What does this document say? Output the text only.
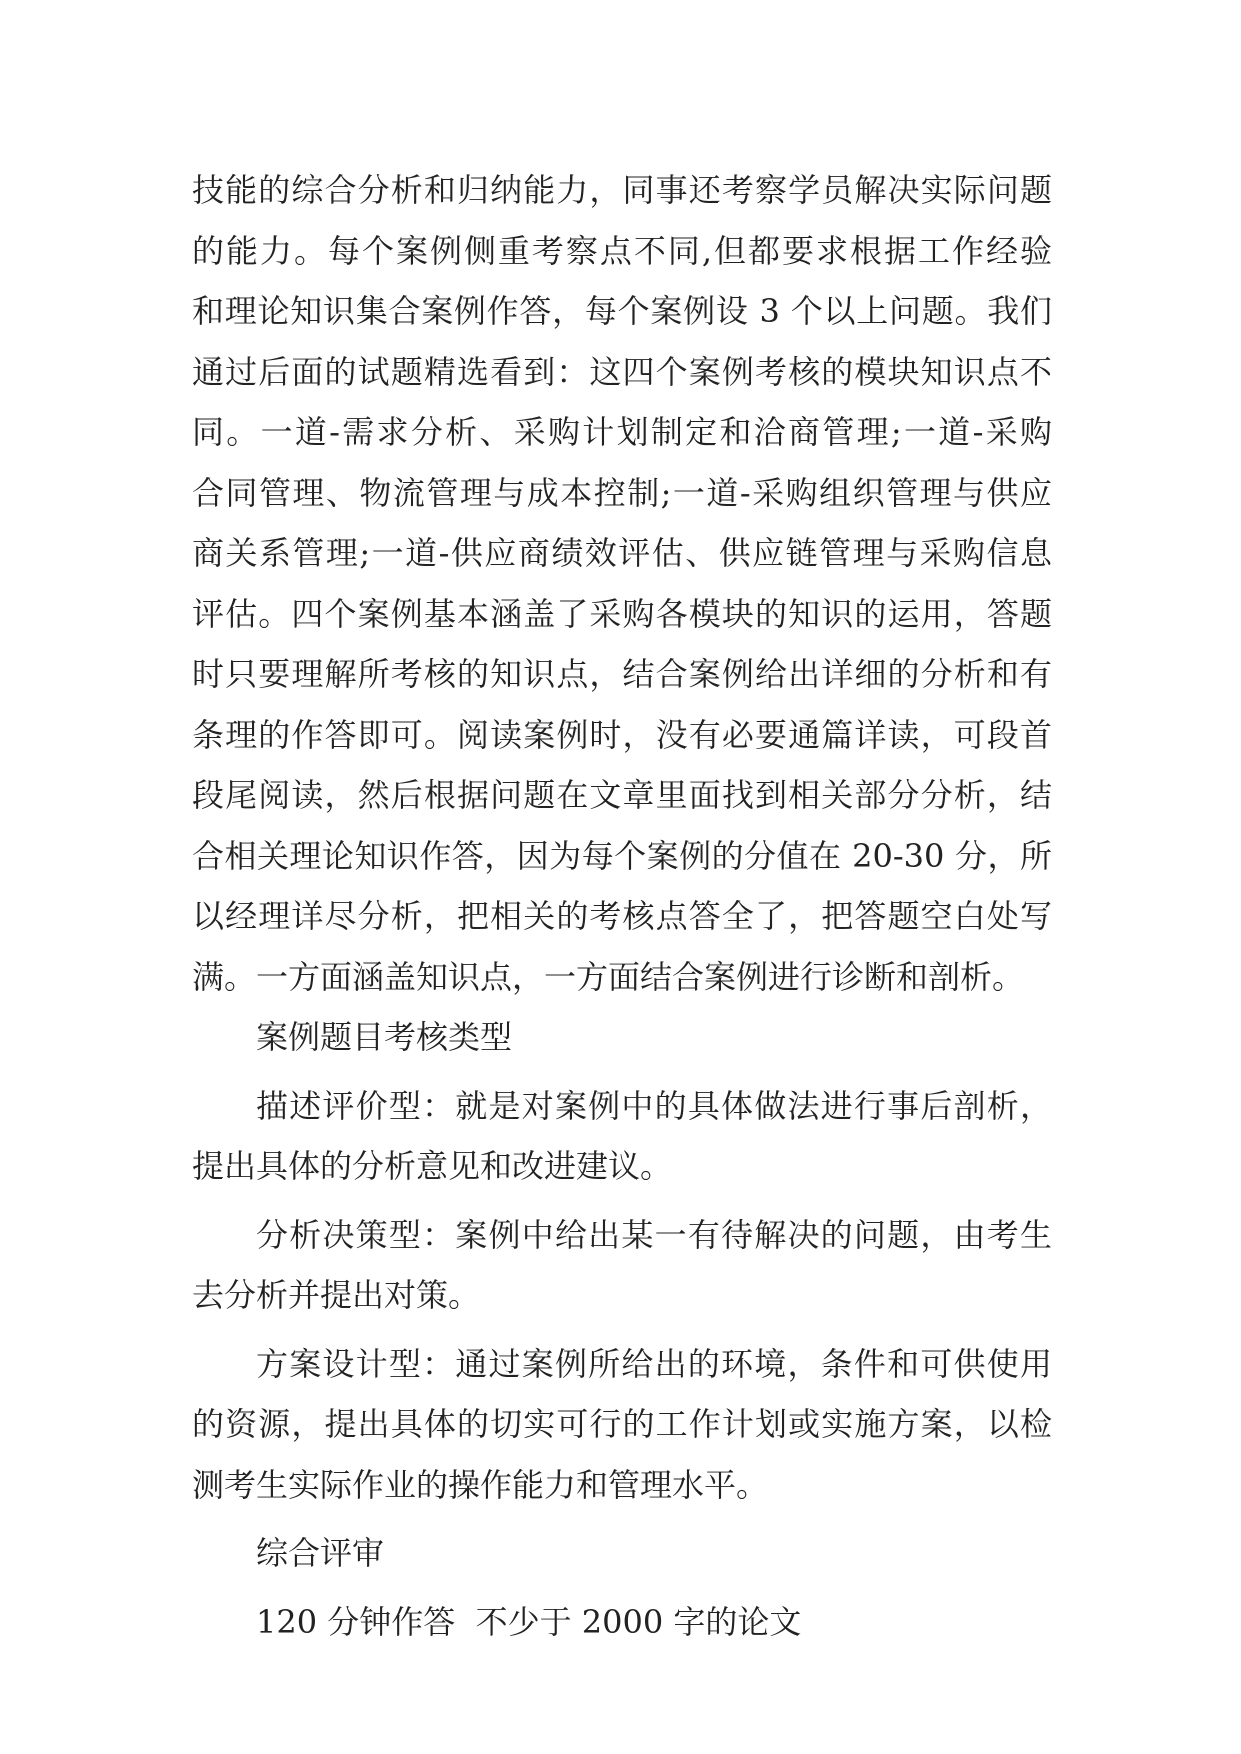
技能的综合分析和归纳能力，同事还考察学员解决实际问题
的能力。每个案例侧重考察点不同,但都要求根据工作经验
和理论知识集合案例作答，每个案例设 3 个以上问题。我们
通过后面的试题精选看到：这四个案例考核的模块知识点不
同。一道-需求分析、采购计划制定和洽商管理;一道-采购
合同管理、物流管理与成本控制;一道-采购组织管理与供应
商关系管理;一道-供应商绩效评估、供应链管理与采购信息
评估。四个案例基本涵盖了采购各模块的知识的运用，答题
时只要理解所考核的知识点，结合案例给出详细的分析和有
条理的作答即可。阅读案例时，没有必要通篇详读，可段首
段尾阅读，然后根据问题在文章里面找到相关部分分析，结
合相关理论知识作答，因为每个案例的分值在 20-30 分，所
以经理详尽分析，把相关的考核点答全了，把答题空白处写
满。一方面涵盖知识点，一方面结合案例进行诊断和剖析。
案例题目考核类型
描述评价型：就是对案例中的具体做法进行事后剖析，
提出具体的分析意见和改进建议。
分析决策型：案例中给出某一有待解决的问题，由考生
去分析并提出对策。
方案设计型：通过案例所给出的环境，条件和可供使用
的资源，提出具体的切实可行的工作计划或实施方案，以检
测考生实际作业的操作能力和管理水平。
综合评审
120 分钟作答  不少于 2000 字的论文
